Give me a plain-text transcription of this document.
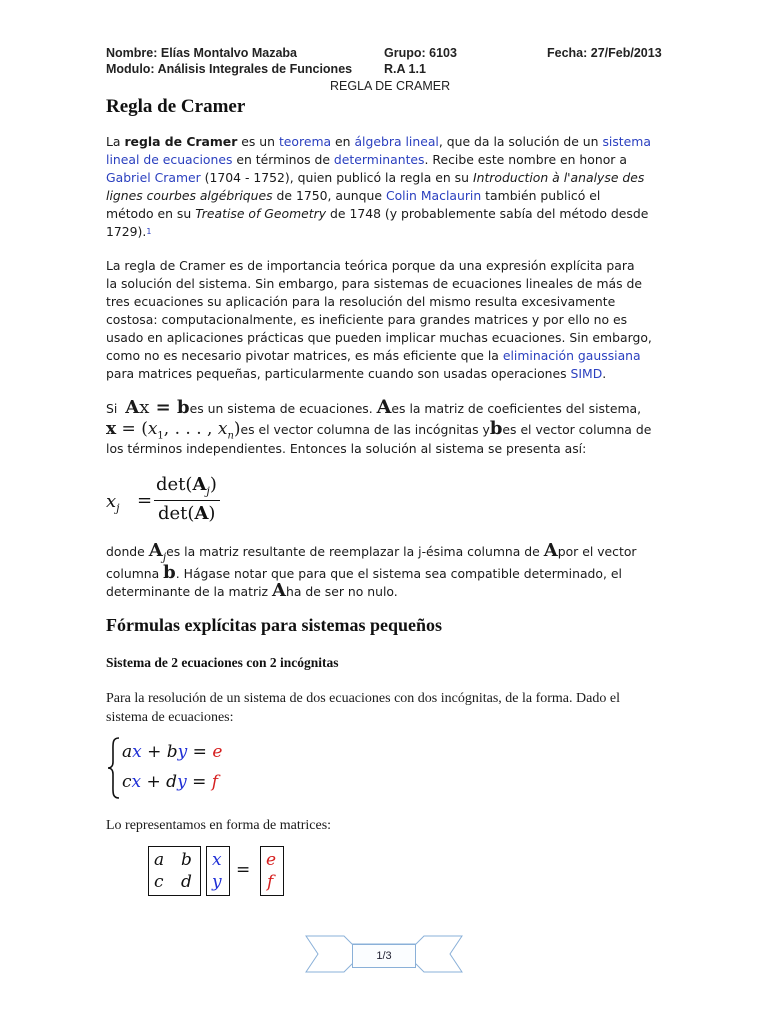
Nombre: Elías Montalvo Mazaba	Grupo: 6103	Fecha: 27/Feb/2013
Modulo: Análisis Integrales de Funciones	R.A 1.1
REGLA DE CRAMER
Regla de Cramer
La regla de Cramer es un teorema en álgebra lineal, que da la solución de un sistema
lineal de ecuaciones en términos de determinantes. Recibe este nombre en honor a
Gabriel Cramer (1704 - 1752), quien publicó la regla en su Introduction à l'analyse des
lignes courbes algébriques de 1750, aunque Colin Maclaurin también publicó el
método en su Treatise of Geometry de 1748 (y probablemente sabía del método desde
1729).$^1$
La regla de Cramer es de importancia teórica porque da una expresión explícita para
la solución del sistema. Sin embargo, para sistemas de ecuaciones lineales de más de
tres ecuaciones su aplicación para la resolución del mismo resulta excesivamente
costosa: computacionalmente, es ineficiente para grandes matrices y por ello no es
usado en aplicaciones prácticas que pueden implicar muchas ecuaciones. Sin embargo,
como no es necesario pivotar matrices, es más eficiente que la eliminación gaussiana
para matrices pequeñas, particularmente cuando son usadas operaciones SIMD.
Si Ax = bes un sistema de ecuaciones. Aes la matriz de coeficientes del sistema,
$x = (x_1$, . . . , $x_n)es$ el vector columna de las incógnitas ybes el vector columna de
los términos independientes. Entonces la solución al sistema se presenta así:
$x_j$ =
$\det(A_j)$
det(A)
donde $A_jes$ la matriz resultante de reemplazar la j-ésima columna de Apor el vector
columna b. Hágase notar que para que el sistema sea compatible determinado, el
determinante de la matriz Aha de ser no nulo.
Fórmulas explícitas para sistemas pequeños
Sistema de 2 ecuaciones con 2 incógnitas
Para la resolución de un sistema de dos ecuaciones con dos incógnitas, de la forma. Dado el
sistema de ecuaciones:
ax + by = e
cx + dy = f
Lo representamos en forma de matrices:
a b
c d
x
y
= e
f
1/3
